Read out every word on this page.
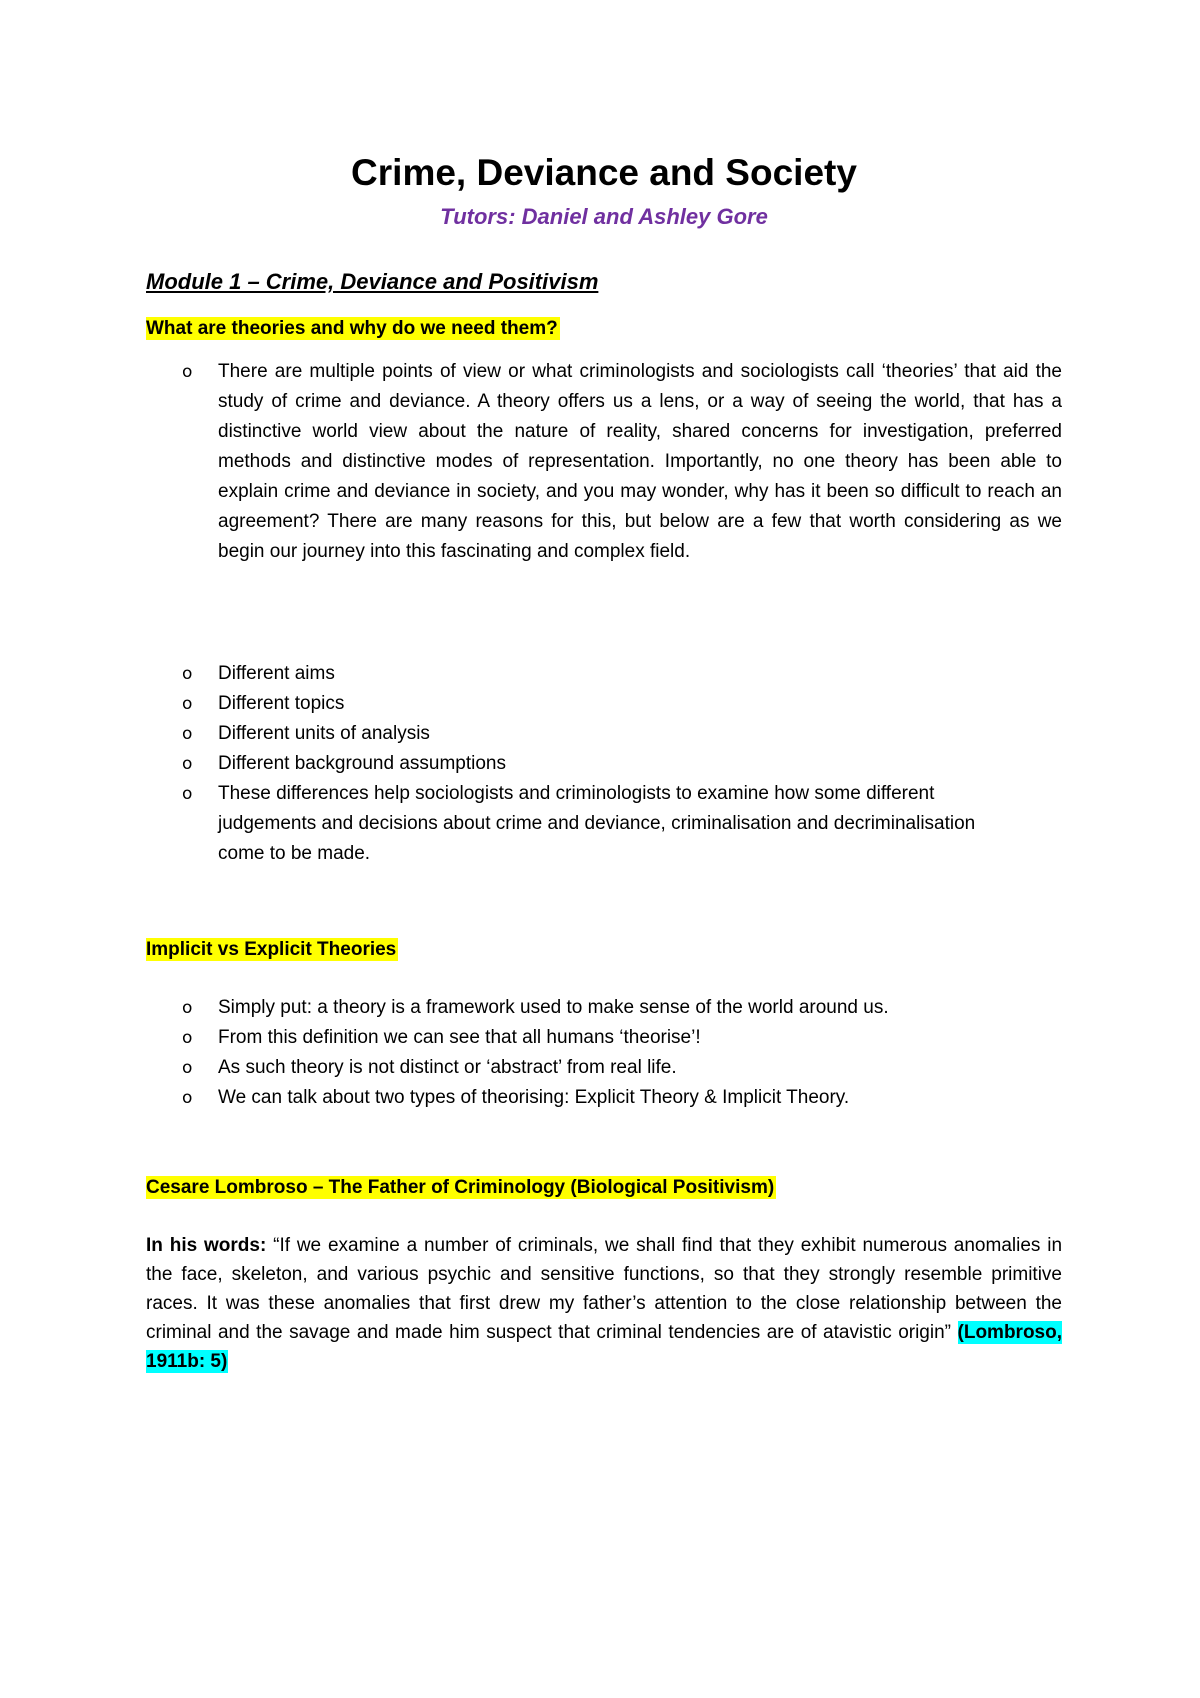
Crime, Deviance and Society
Tutors: Daniel and Ashley Gore
Module 1 – Crime, Deviance and Positivism
What are theories and why do we need them?
o There are multiple points of view or what criminologists and sociologists call ‘theories’ that aid the study of crime and deviance. A theory offers us a lens, or a way of seeing the world, that has a distinctive world view about the nature of reality, shared concerns for investigation, preferred methods and distinctive modes of representation. Importantly, no one theory has been able to explain crime and deviance in society, and you may wonder, why has it been so difficult to reach an agreement? There are many reasons for this, but below are a few that worth considering as we begin our journey into this fascinating and complex field.
o Different aims
o Different topics
o Different units of analysis
o Different background assumptions
o These differences help sociologists and criminologists to examine how some different judgements and decisions about crime and deviance, criminalisation and decriminalisation come to be made.
Implicit vs Explicit Theories
o Simply put: a theory is a framework used to make sense of the world around us.
o From this definition we can see that all humans ‘theorise’!
o As such theory is not distinct or ‘abstract’ from real life.
o We can talk about two types of theorising: Explicit Theory & Implicit Theory.
Cesare Lombroso – The Father of Criminology (Biological Positivism)
In his words: “If we examine a number of criminals, we shall find that they exhibit numerous anomalies in the face, skeleton, and various psychic and sensitive functions, so that they strongly resemble primitive races. It was these anomalies that first drew my father’s attention to the close relationship between the criminal and the savage and made him suspect that criminal tendencies are of atavistic origin” (Lombroso, 1911b: 5)
